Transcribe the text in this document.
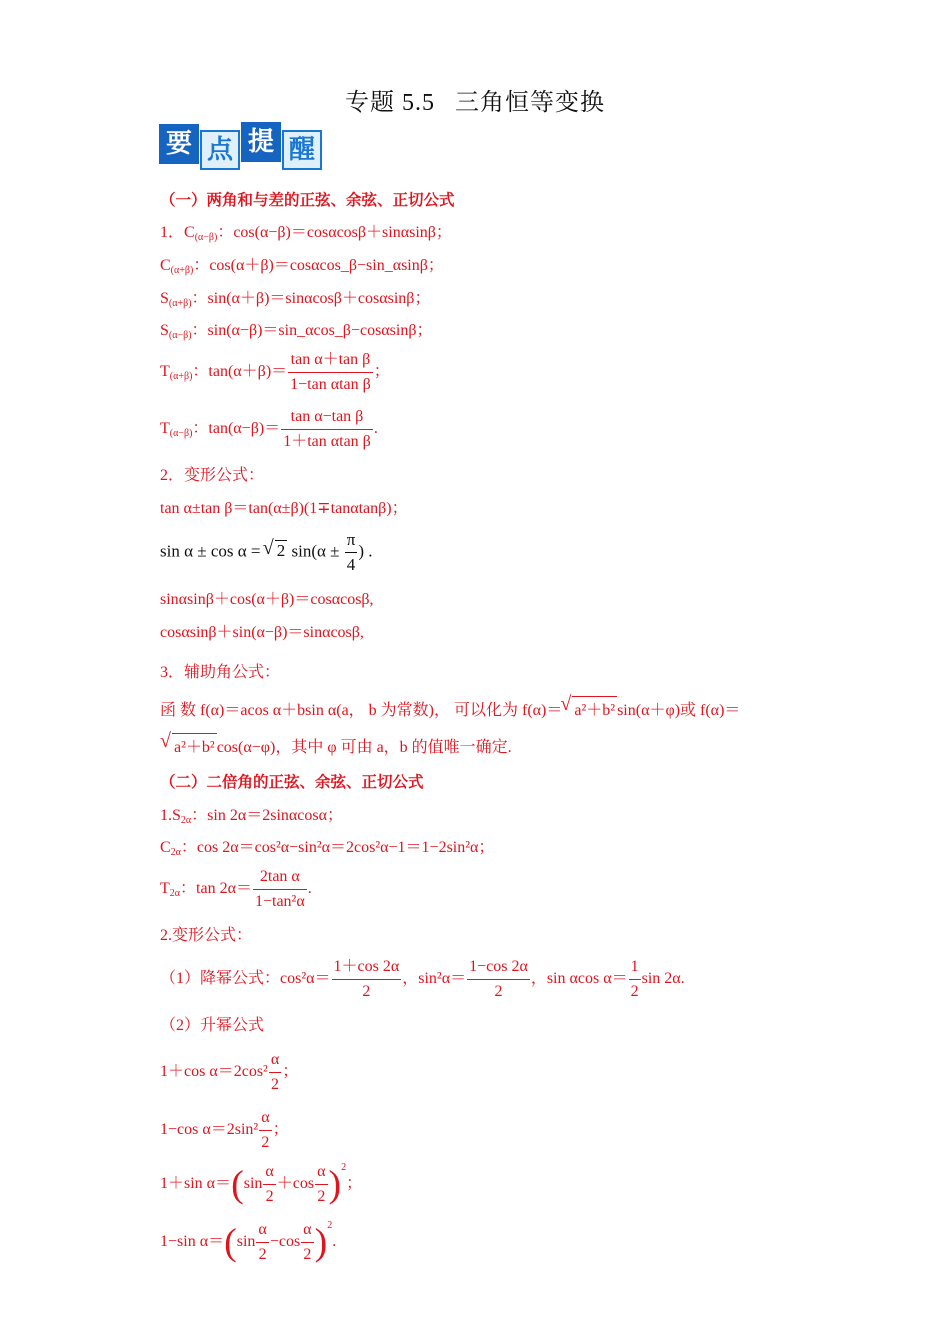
专题 5.5 三角恒等变换
要 点 提 醒
（一）两角和与差的正弦、余弦、正切公式
1．$C_{(\alpha-\beta)}$：cos(α−β)＝cosαcosβ＋sinαsinβ；
$C_{(\alpha+\beta)}$：cos(α＋β)＝cosαcos_β−sin_αsinβ；
$S_{(\alpha+\beta)}$：sin(α＋β)＝sinαcosβ＋cosαsinβ；
$S_{(\alpha-\beta)}$：sin(α−β)＝sin_αcos_β−cosαsinβ；
$T_{(\alpha+\beta)}$：$\tan(\alpha+\beta)= \frac{\text{tan α＋tan β}}{\text{1−tan αtan β}}$ ；
$T_{(\alpha-\beta)}$：$\tan(\alpha-\beta)= \frac{\text{tan α−tan β}}{\text{1＋tan αtan β}}$ .
2．变形公式：
tan α±tan β＝tan(α±β)(1∓tanαtanβ)；
sin α ± cos α = √ 2 $\sin(\alpha \pm \frac{\pi}{4}$ ) .
sinαsinβ＋cos(α＋β)＝cosαcosβ,
cosαsinβ＋sin(α−β)＝sinαcosβ,
3．辅助角公式：
函 数 f(α)＝acos α＋bsin α(a， b 为常数)， 可以化为 f(α)＝√ a²＋b² sin(α＋φ)或 f(α)＝
√ a²＋b² cos(α−φ)，其中 φ 可由 a，b 的值唯一确定.
（二）二倍角的正弦、余弦、正切公式
$1.S_{2\alpha}$：sin 2α＝2sinαcosα；
$C_{2\alpha}$：cos 2α＝cos²α−sin²α＝2cos²α−1＝1−2sin²α；
$T_{2\alpha}$：$\tan 2\alpha= \frac{\text{2tan α}}{\text{1−tan²α}}$ .
2.变形公式：
（1）降幂公式：$\cos^2\alpha= \frac{1+\cos 2\alpha}{2}$ ，$\sin^2\alpha= \frac{1-\cos 2\alpha}{2}$ ，sin αcos $\alpha= \frac{1}{2}$ sin 2α.
（2）升幂公式
1＋cos $\alpha=2\cos^2 \frac{\alpha}{2}$ ；
1−cos $\alpha=2\sin^2 \frac{\alpha}{2}$ ；
1＋sin $\alpha=(\sin \frac{\alpha}{2} +\cos \frac{\alpha}{2} )^2$；
1−sin $\alpha=(\sin \frac{\alpha}{2} -\cos \frac{\alpha}{2} )^2$.
